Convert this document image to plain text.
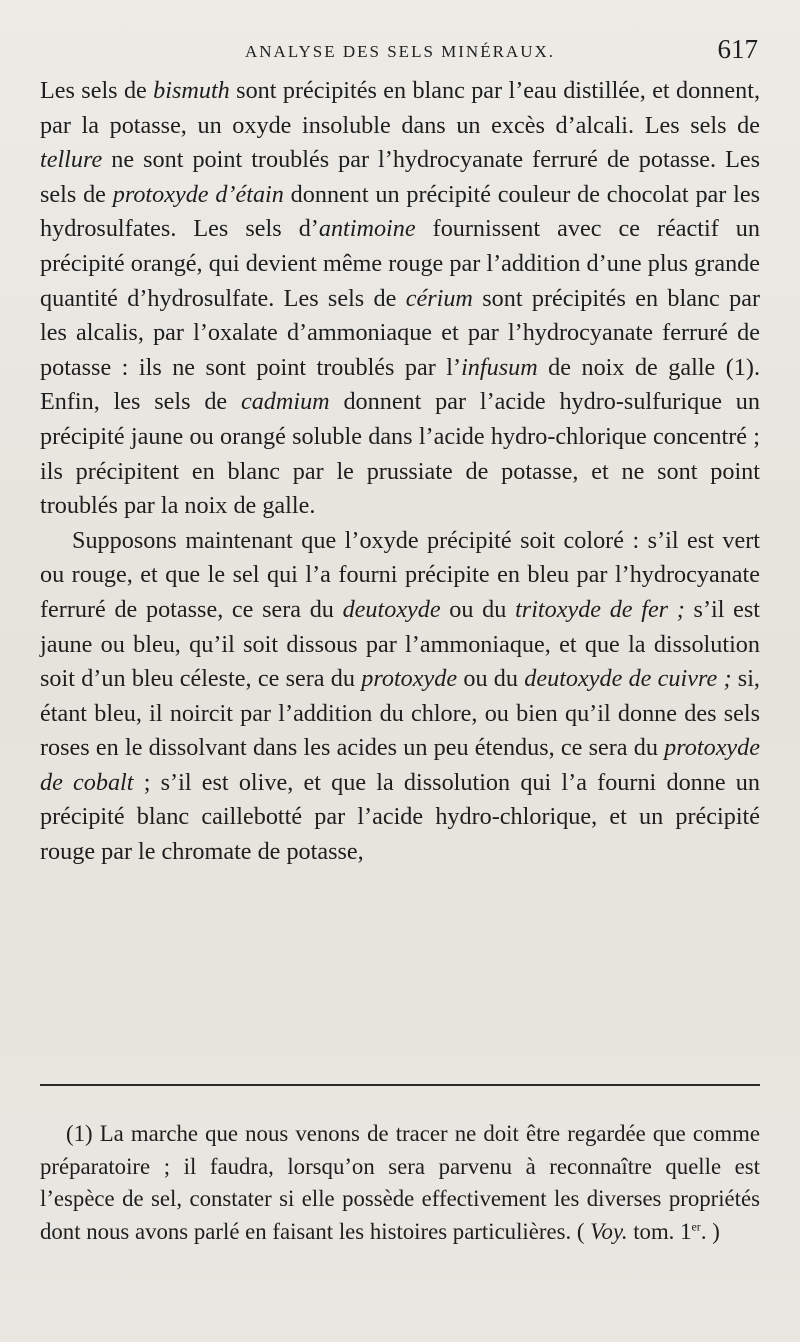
ANALYSE DES SELS MINÉRAUX.	617

Les sels de bismuth sont précipités en blanc par l’eau distillée, et donnent, par la potasse, un oxyde insoluble dans un excès d’alcali. Les sels de tellure ne sont point troublés par l’hydrocyanate ferruré de potasse. Les sels de protoxyde d’étain donnent un précipité couleur de chocolat par les hydrosulfates. Les sels d’antimoine fournissent avec ce réactif un précipité orangé, qui devient même rouge par l’addition d’une plus grande quantité d’hydrosulfate. Les sels de cérium sont précipités en blanc par les alcalis, par l’oxalate d’ammoniaque et par l’hydrocyanate ferruré de potasse : ils ne sont point troublés par l’infusum de noix de galle (1). Enfin, les sels de cadmium donnent par l’acide hydro-sulfurique un précipité jaune ou orangé soluble dans l’acide hydro-chlorique concentré ; ils précipitent en blanc par le prussiate de potasse, et ne sont point troublés par la noix de galle.

Supposons maintenant que l’oxyde précipité soit coloré : s’il est vert ou rouge, et que le sel qui l’a fourni précipite en bleu par l’hydrocyanate ferruré de potasse, ce sera du deutoxyde ou du tritoxyde de fer ; s’il est jaune ou bleu, qu’il soit dissous par l’ammoniaque, et que la dissolution soit d’un bleu céleste, ce sera du protoxyde ou du deutoxyde de cuivre ; si, étant bleu, il noircit par l’addition du chlore, ou bien qu’il donne des sels roses en le dissolvant dans les acides un peu étendus, ce sera du protoxyde de cobalt ; s’il est olive, et que la dissolution qui l’a fourni donne un précipité blanc caillebotté par l’acide hydro-chlorique, et un précipité rouge par le chromate de potasse,

(1) La marche que nous venons de tracer ne doit être regardée que comme préparatoire ; il faudra, lorsqu’on sera parvenu à reconnaître quelle est l’espèce de sel, constater si elle possède effectivement les diverses propriétés dont nous avons parlé en faisant les histoires particulières. ( Voy. tom. 1er. )
